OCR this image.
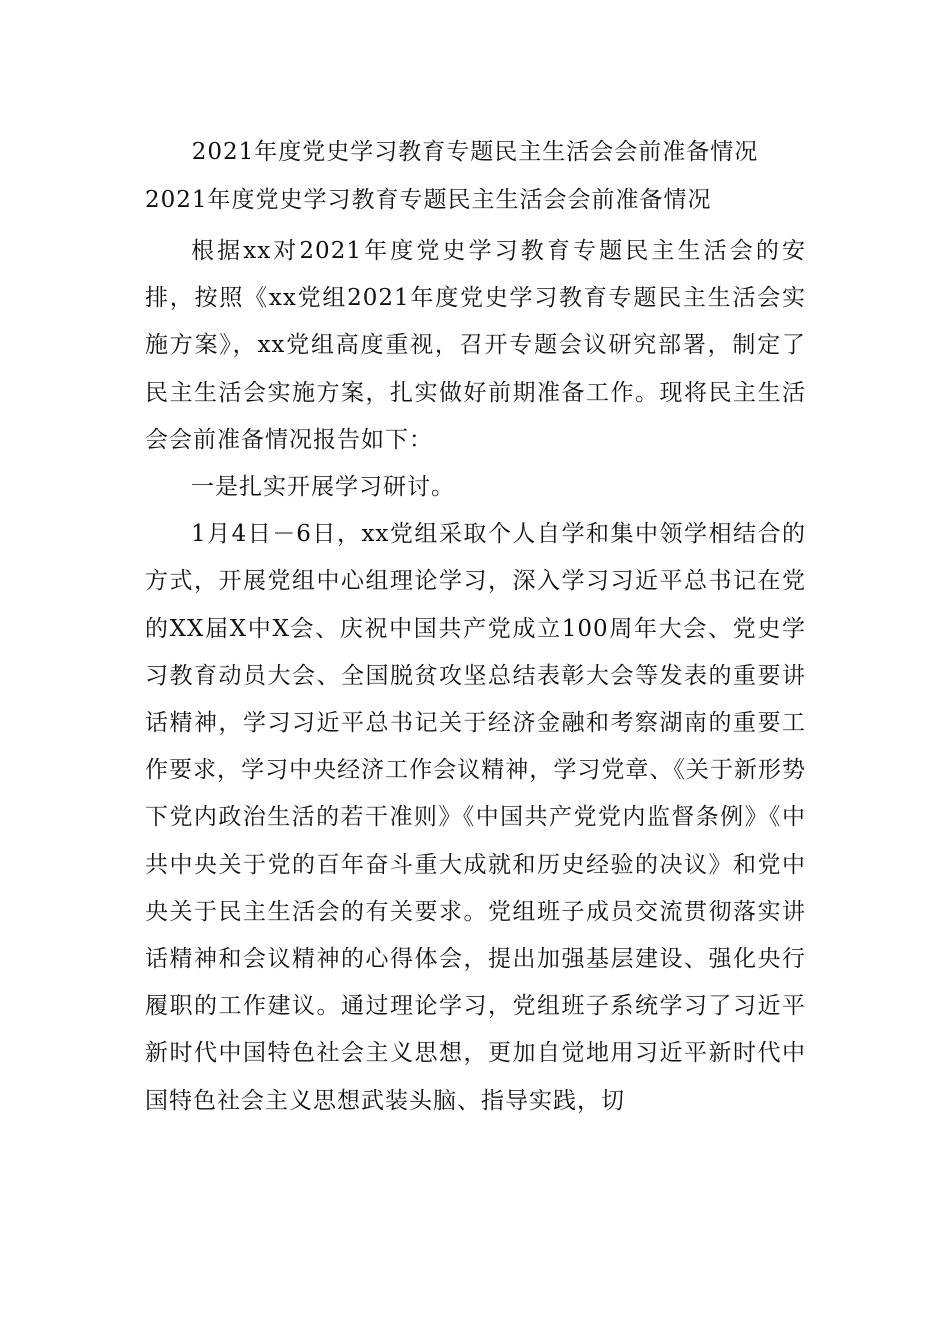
2021年度党史学习教育专题民主生活会会前准备情况
2021年度党史学习教育专题民主生活会会前准备情况

根据xx对2021年度党史学习教育专题民主生活会的安排，按照《xx党组2021年度党史学习教育专题民主生活会实施方案》，xx党组高度重视，召开专题会议研究部署，制定了民主生活会实施方案，扎实做好前期准备工作。现将民主生活会会前准备情况报告如下：

一是扎实开展学习研讨。

1月4日－6日，xx党组采取个人自学和集中领学相结合的方式，开展党组中心组理论学习，深入学习习近平总书记在党的XX届X中X会、庆祝中国共产党成立100周年大会、党史学习教育动员大会、全国脱贫攻坚总结表彰大会等发表的重要讲话精神，学习习近平总书记关于经济金融和考察湖南的重要工作要求，学习中央经济工作会议精神，学习党章、《关于新形势下党内政治生活的若干准则》《中国共产党党内监督条例》《中共中央关于党的百年奋斗重大成就和历史经验的决议》和党中央关于民主生活会的有关要求。党组班子成员交流贯彻落实讲话精神和会议精神的心得体会，提出加强基层建设、强化央行履职的工作建议。通过理论学习，党组班子系统学习了习近平新时代中国特色社会主义思想，更加自觉地用习近平新时代中国特色社会主义思想武装头脑、指导实践，切
